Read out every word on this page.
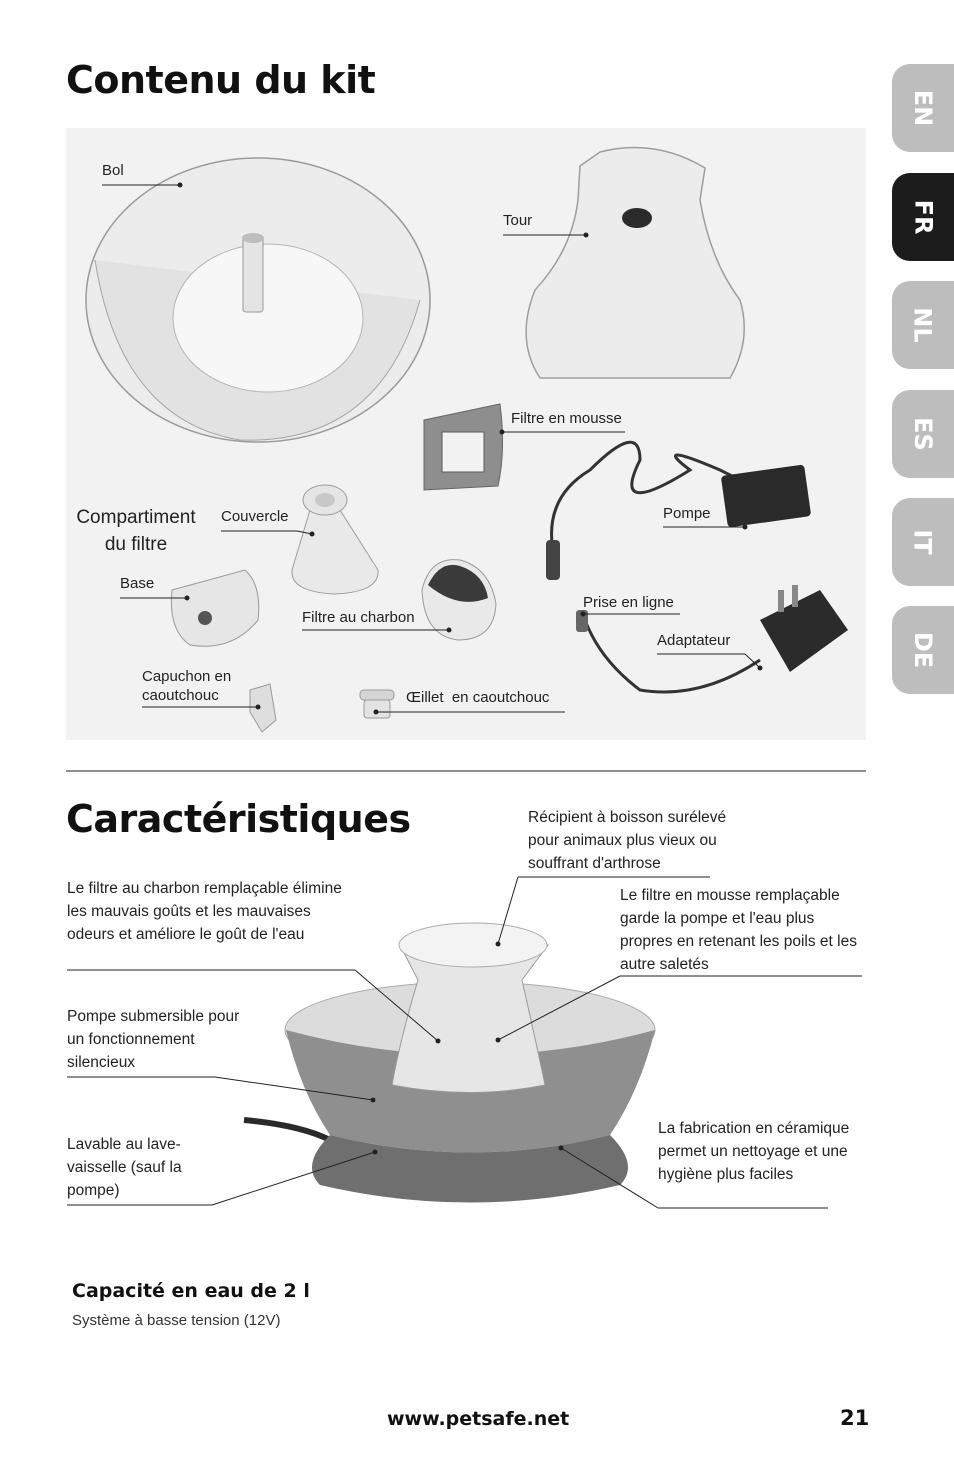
Contenu du kit
Caractéristiques
Bol
Tour
Filtre en mousse
Compartiment du filtre
Couvercle	Pompe
Base
Filtre au charbon
Prise en ligne
Adaptateur
Capuchon en caoutchouc	Œillet  en caoutchouc
Récipient à boisson surélevé pour animaux plus vieux ou souffrant d'arthrose
Le filtre au charbon remplaçable élimine les mauvais goûts et les mauvaises odeurs et améliore le goût de l'eau
Le filtre en mousse remplaçable garde la pompe et l'eau plus propres en retenant les poils et les autre saletés
Pompe submersible pour un fonctionnement silencieux
Lavable au lave-vaisselle (sauf la pompe)
La fabrication en céramique permet un nettoyage et une hygiène plus faciles
Capacité en eau de 2 l
Système à basse tension (12V)
www.petsafe.net	21
EN
FR
NL
ES
IT
DE
